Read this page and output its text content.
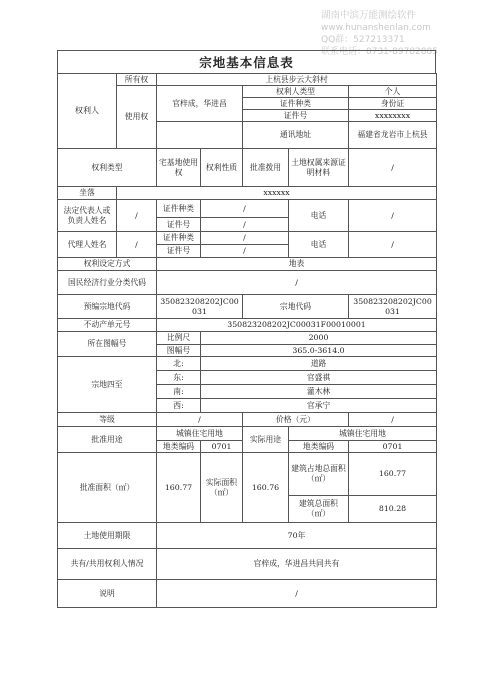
湖南中滨万能测绘软件
www.hunanshenlan.com
QQ群：527213371
联系电话：0731-89782885
宗地基本信息表
权利人	所有权	上杭县步云大斜村				
	使用权	官梓成，华进昌		权利人类型		个人
				证件种类		身份证
				证件号		xxxxxxxx
				通讯地址		福建省龙岩市上杭县
权利类型		宅基地使用权	权利性质	批准拨用	土地权属来源证明材料	/
坐落	xxxxxx					
法定代表人或负责人姓名	/	证件种类	/		电话	/
		证件号	/			
代理人姓名	/	证件种类	/		电话	/
		证件号	/			
权利设定方式		地表				
国民经济行业分类代码		/				
预编宗地代码		350823208202JC00031		宗地代码		350823208202JC00031
不动产单元号		350823208202JC00031F00010001				
所在图幅号		比例尺	2000			
		图幅号	365.0-3614.0			
宗地四至		北:	道路			
		东:	官盛祺			
		南:	灌木林			
		西:	官承宁			
等级		/		价格（元）		/
批准用途		城镇住宅用地		实际用途	城镇住宅用地	
		地类编码	0701		地类编码	0701
批准面积（㎡）		160.77	实际面积（㎡）	160.76	建筑占地总面积（㎡）	160.77
					建筑总面积（㎡）	810.28
土地使用期限		70年				
共有/共用权利人情况		官梓成，华进昌共同共有				
说明		/				
